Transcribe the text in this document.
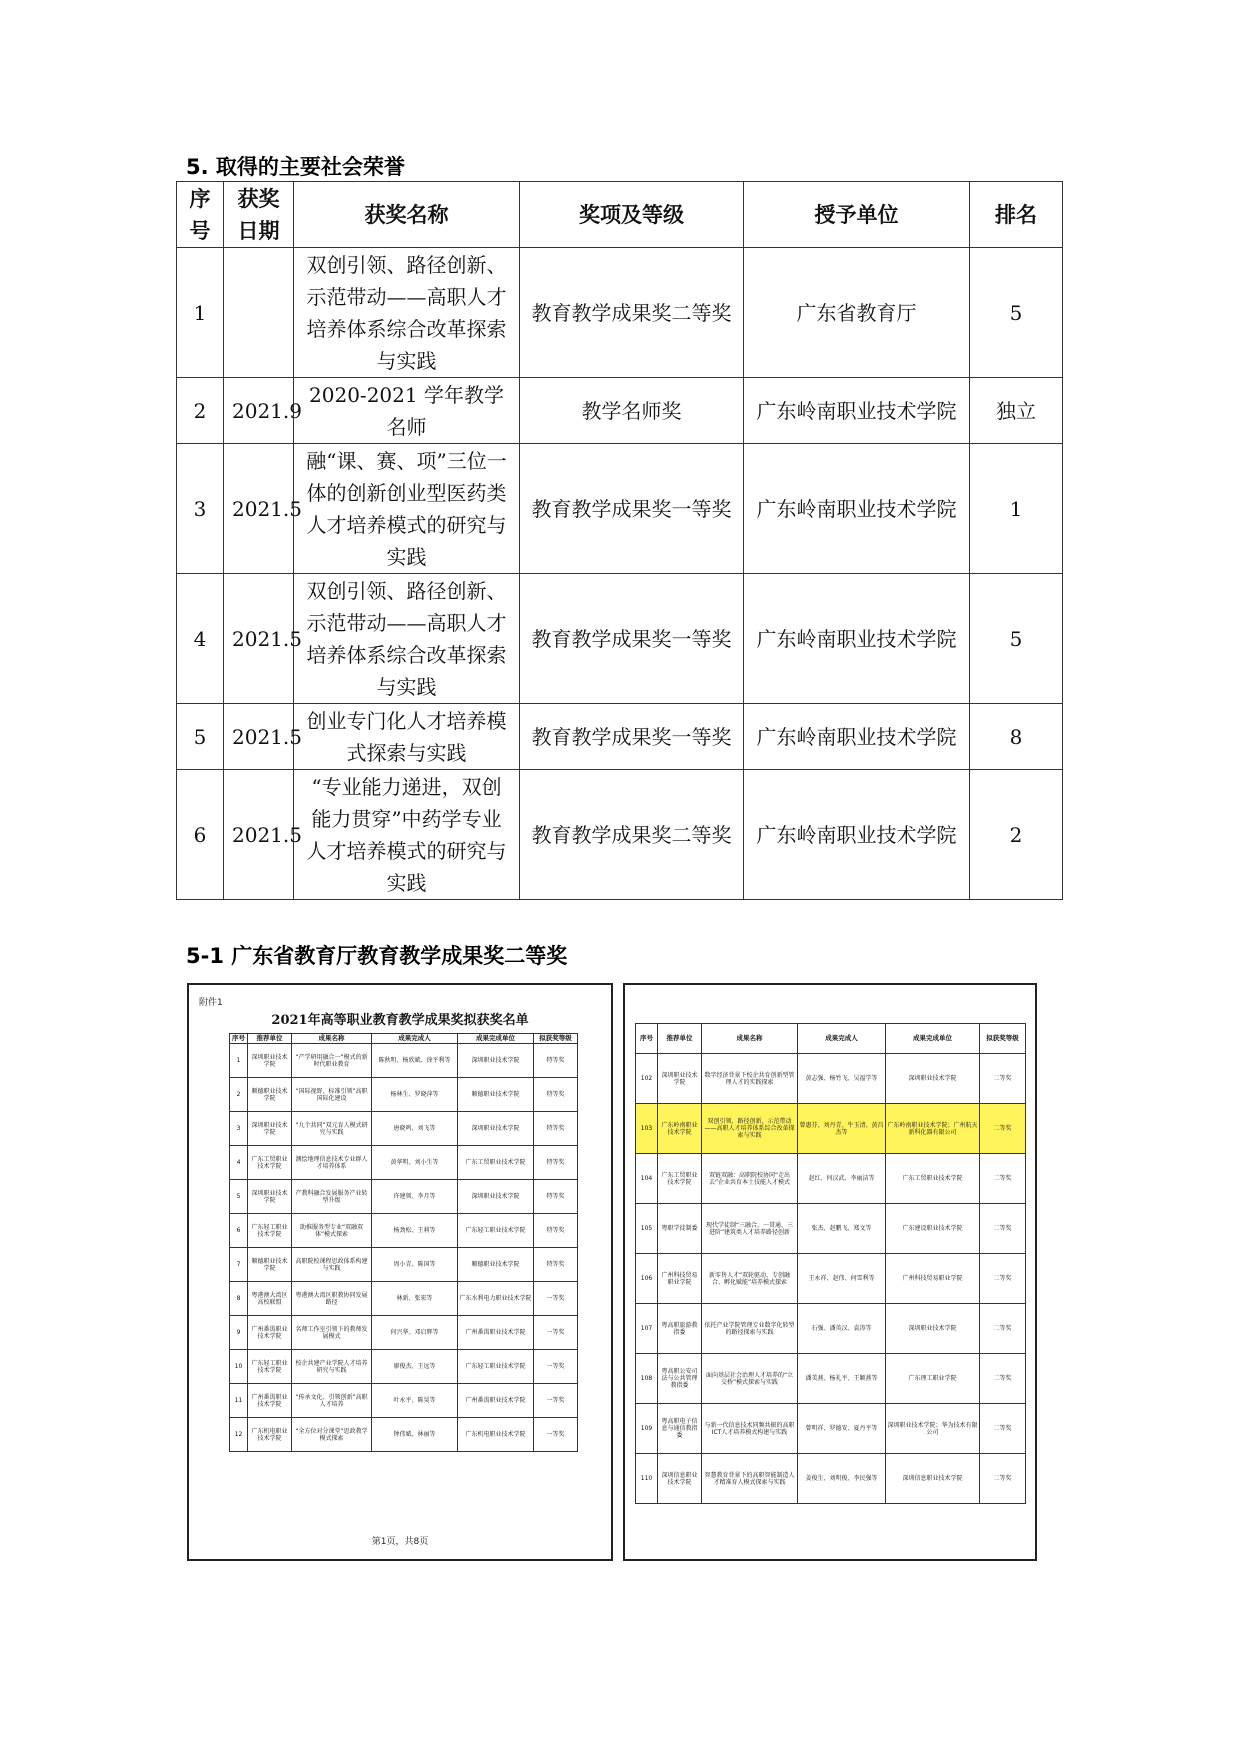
5. 取得的主要社会荣誉
序号	获奖日期	获奖名称	奖项及等级	授予单位	排名
1		双创引领、路径创新、示范带动——高职人才培养体系综合改革探索与实践	教育教学成果奖二等奖	广东省教育厅	5
2	2021.9	2020-2021 学年教学名师	教学名师奖	广东岭南职业技术学院	独立
3	2021.5	融“课、赛、项”三位一体的创新创业型医药类人才培养模式的研究与实践	教育教学成果奖一等奖	广东岭南职业技术学院	1
4	2021.5	双创引领、路径创新、示范带动——高职人才培养体系综合改革探索与实践	教育教学成果奖一等奖	广东岭南职业技术学院	5
5	2021.5	创业专门化人才培养模式探索与实践	教育教学成果奖一等奖	广东岭南职业技术学院	8
6	2021.5	“专业能力递进，双创能力贯穿”中药学专业人才培养模式的研究与实践	教育教学成果奖二等奖	广东岭南职业技术学院	2
5-1 广东省教育厅教育教学成果奖二等奖
附件1
2021年高等职业教育教学成果奖拟获奖名单
序号	推荐单位	成果名称	成果完成人	成果完成单位	拟获奖等级
1	深圳职业技术学院	“产学研用融合一”模式的新时代职业教育	陈秋明、杨欣斌、徐平利等	深圳职业技术学院	特等奖
2	顺德职业技术学院	“国际视野、标准引领”高职国际化建设	杨林生、罗晓萍等	顺德职业技术学院	特等奖
3	深圳职业技术学院	“九个共同”双元育人模式研究与实践	唐晓鸣、刘飞等	深圳职业技术学院	特等奖
4	广东工贸职业技术学院	测绘地理信息技术专业群人才培养体系	黄华明、刘小生等	广东工贸职业技术学院	特等奖
5	深圳职业技术学院	产教科融合发展服务产业转型升级	许建领、李月等	深圳职业技术学院	特等奖
6	广东轻工职业技术学院	助推服务型专业“双融双体”模式探索	杨劲松、王莉等	广东轻工职业技术学院	特等奖
7	顺德职业技术学院	高职院校课程思政体系构建与实践	周小青、陈国等	顺德职业技术学院	特等奖
8	粤港澳大湾区高校联盟	粤港澳大湾区职教协同发展路径	林新、张宏等	广东水利电力职业技术学院	一等奖
9	广州番禺职业技术学院	名师工作室引领下的教师发展模式	何兴华、邓启辉等	广州番禺职业技术学院	一等奖
10	广东轻工职业技术学院	校企共建产业学院人才培养研究与实践	廖俊杰、王远等	广东轻工职业技术学院	一等奖
11	广州番禺职业技术学院	“传承文化、引领创新”高职人才培养	叶永平、陈昊等	广州番禺职业技术学院	一等奖
12	广东机电职业技术学院	“全方位对分课堂”思政教学模式探索	钟伟斌、林丽等	广东机电职业技术学院	一等奖
第1页，共8页
序号	推荐单位	成果名称	成果完成人	成果完成单位	拟获奖等级
102	深圳职业技术学院	数字经济背景下校企共育创新型管理人才的实践探索	黄志强、杨竹飞、吴福学等	深圳职业技术学院	二等奖
103	广东岭南职业技术学院	双创引领、路径创新、示范带动——高职人才培养体系综合改革探索与实践	曾惠芬、刘丹青、牛玉清、黄昌杰等	广东岭南职业技术学院；广州航天新科化器有限公司	二等奖
104	广东工贸职业技术学院	双链双融：高职院校协同“走出去”企业共育本土技能人才模式	赵红、何汉武、李丽洁等	广东工贸职业技术学院	二等奖
105	粤职学徒制委	现代学徒制“三融合、一贯通、三进阶”建筑类人才培养路径创新	张杰、赵鹏飞、郑文等	广东建设职业技术学院	二等奖
106	广州科技贸易职业学院	新零售人才“双轮驱动、专创融合、孵化赋能”培养模式探索	王永祥、赵伟、何雪利等	广州科技贸易职业学院	二等奖
107	粤高职旅游教指委	依托产业学院管理专业数字化转型的路径探索与实践	石强、潘英汉、袁涛等	深圳职业技术学院	二等奖
108	粤高职公安司法与公共管理教指委	面向基层社会治理人才培养的“立交桥”模式探索与实践	潘美燕、杨礼平、王颖燕等	广东理工职业学院	二等奖
109	粤高职电子信息与通信教指委	与新一代信息技术同频共振的高职ICT人才培养模式构建与实践	曾明祥、罗德安、夏丹平等	深圳职业技术学院；华为技术有限公司	二等奖
110	深圳信息职业技术学院	智慧教育背景下的高职智能制造人才精准育人模式探索与实践	姜俊生、刘明俊、李民强等	深圳信息职业技术学院	二等奖
